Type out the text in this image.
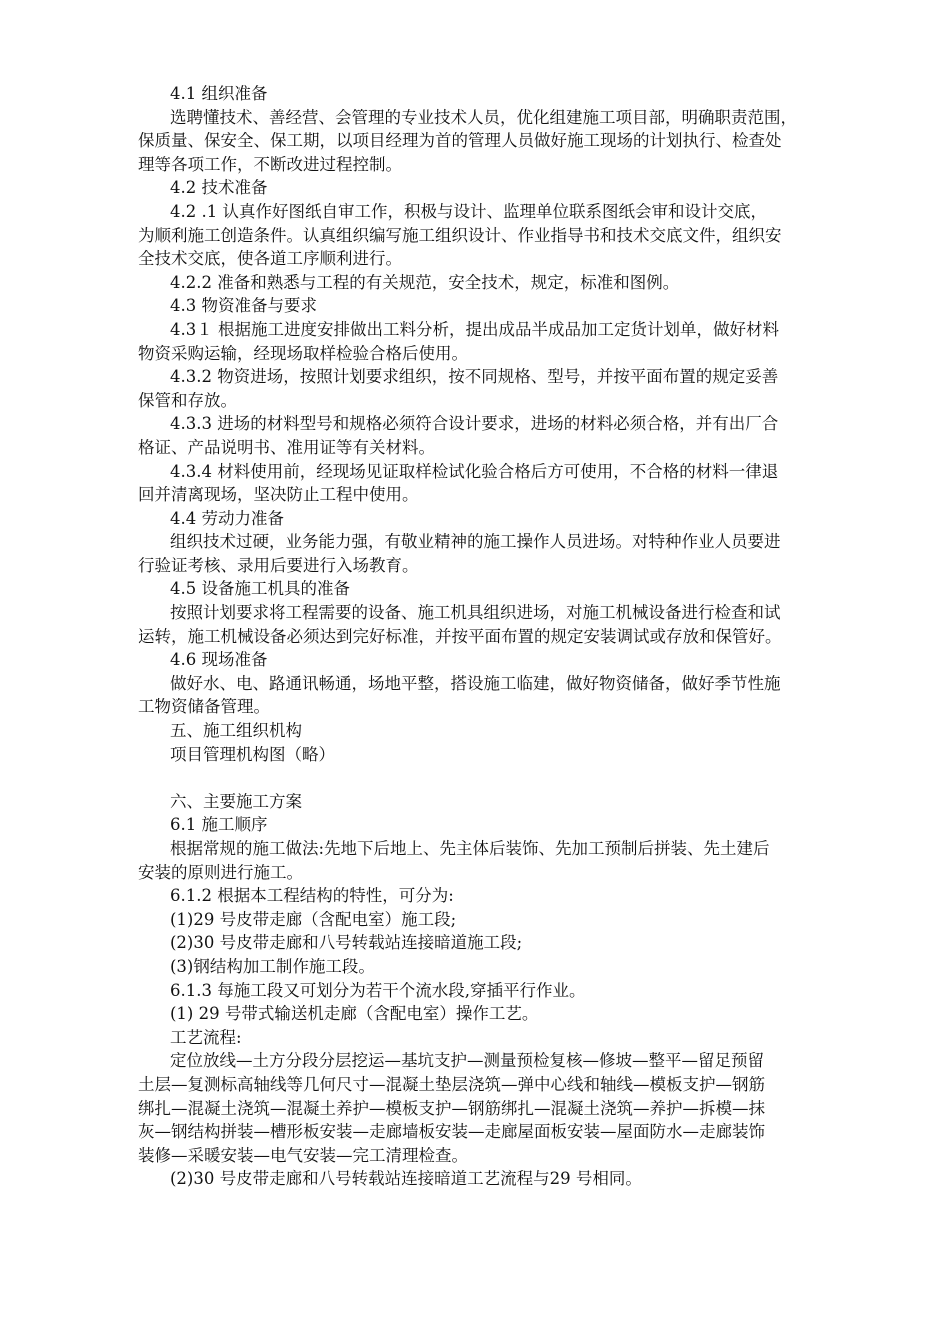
4.1 组织准备
选聘懂技术、善经营、会管理的专业技术人员，优化组建施工项目部，明确职责范围，
保质量、保安全、保工期，以项目经理为首的管理人员做好施工现场的计划执行、检查处
理等各项工作，不断改进过程控制。
4.2 技术准备
4.2 .1 认真作好图纸自审工作，积极与设计、监理单位联系图纸会审和设计交底，
为顺利施工创造条件。认真组织编写施工组织设计、作业指导书和技术交底文件，组织安
全技术交底，使各道工序顺利进行。
4.2.2 准备和熟悉与工程的有关规范，安全技术，规定，标准和图例。
4.3 物资准备与要求
4.3１ 根据施工进度安排做出工料分析，提出成品半成品加工定货计划单，做好材料
物资采购运输，经现场取样检验合格后使用。
4.3.2 物资进场，按照计划要求组织，按不同规格、型号，并按平面布置的规定妥善
保管和存放。
4.3.3 进场的材料型号和规格必须符合设计要求，进场的材料必须合格，并有出厂合
格证、产品说明书、准用证等有关材料。
4.3.4 材料使用前，经现场见证取样检试化验合格后方可使用，不合格的材料一律退
回并清离现场，坚决防止工程中使用。
4.4 劳动力准备
组织技术过硬，业务能力强，有敬业精神的施工操作人员进场。对特种作业人员要进
行验证考核、录用后要进行入场教育。
4.5 设备施工机具的准备
按照计划要求将工程需要的设备、施工机具组织进场，对施工机械设备进行检查和试
运转，施工机械设备必须达到完好标准，并按平面布置的规定安装调试或存放和保管好。
4.6 现场准备
做好水、电、路通讯畅通，场地平整，搭设施工临建，做好物资储备，做好季节性施
工物资储备管理。
五、施工组织机构
项目管理机构图（略）
六、主要施工方案
6.1 施工顺序
根据常规的施工做法:先地下后地上、先主体后装饰、先加工预制后拼装、先土建后
安装的原则进行施工。
6.1.2 根据本工程结构的特性，可分为:
(1)29 号皮带走廊（含配电室）施工段;
(2)30 号皮带走廊和八号转载站连接暗道施工段;
(3)钢结构加工制作施工段。
6.1.3 每施工段又可划分为若干个流水段,穿插平行作业。
(1) 29 号带式输送机走廊（含配电室）操作工艺。
工艺流程:
定位放线—土方分段分层挖运—基坑支护—测量预检复核—修坡—整平—留足预留
土层—复测标高轴线等几何尺寸—混凝土垫层浇筑—弹中心线和轴线—模板支护—钢筋
绑扎—混凝土浇筑—混凝土养护—模板支护—钢筋绑扎—混凝土浇筑—养护—拆模—抹
灰—钢结构拼装—槽形板安装—走廊墙板安装—走廊屋面板安装—屋面防水—走廊装饰
装修—采暖安装—电气安装—完工清理检查。
(2)30 号皮带走廊和八号转载站连接暗道工艺流程与29 号相同。
